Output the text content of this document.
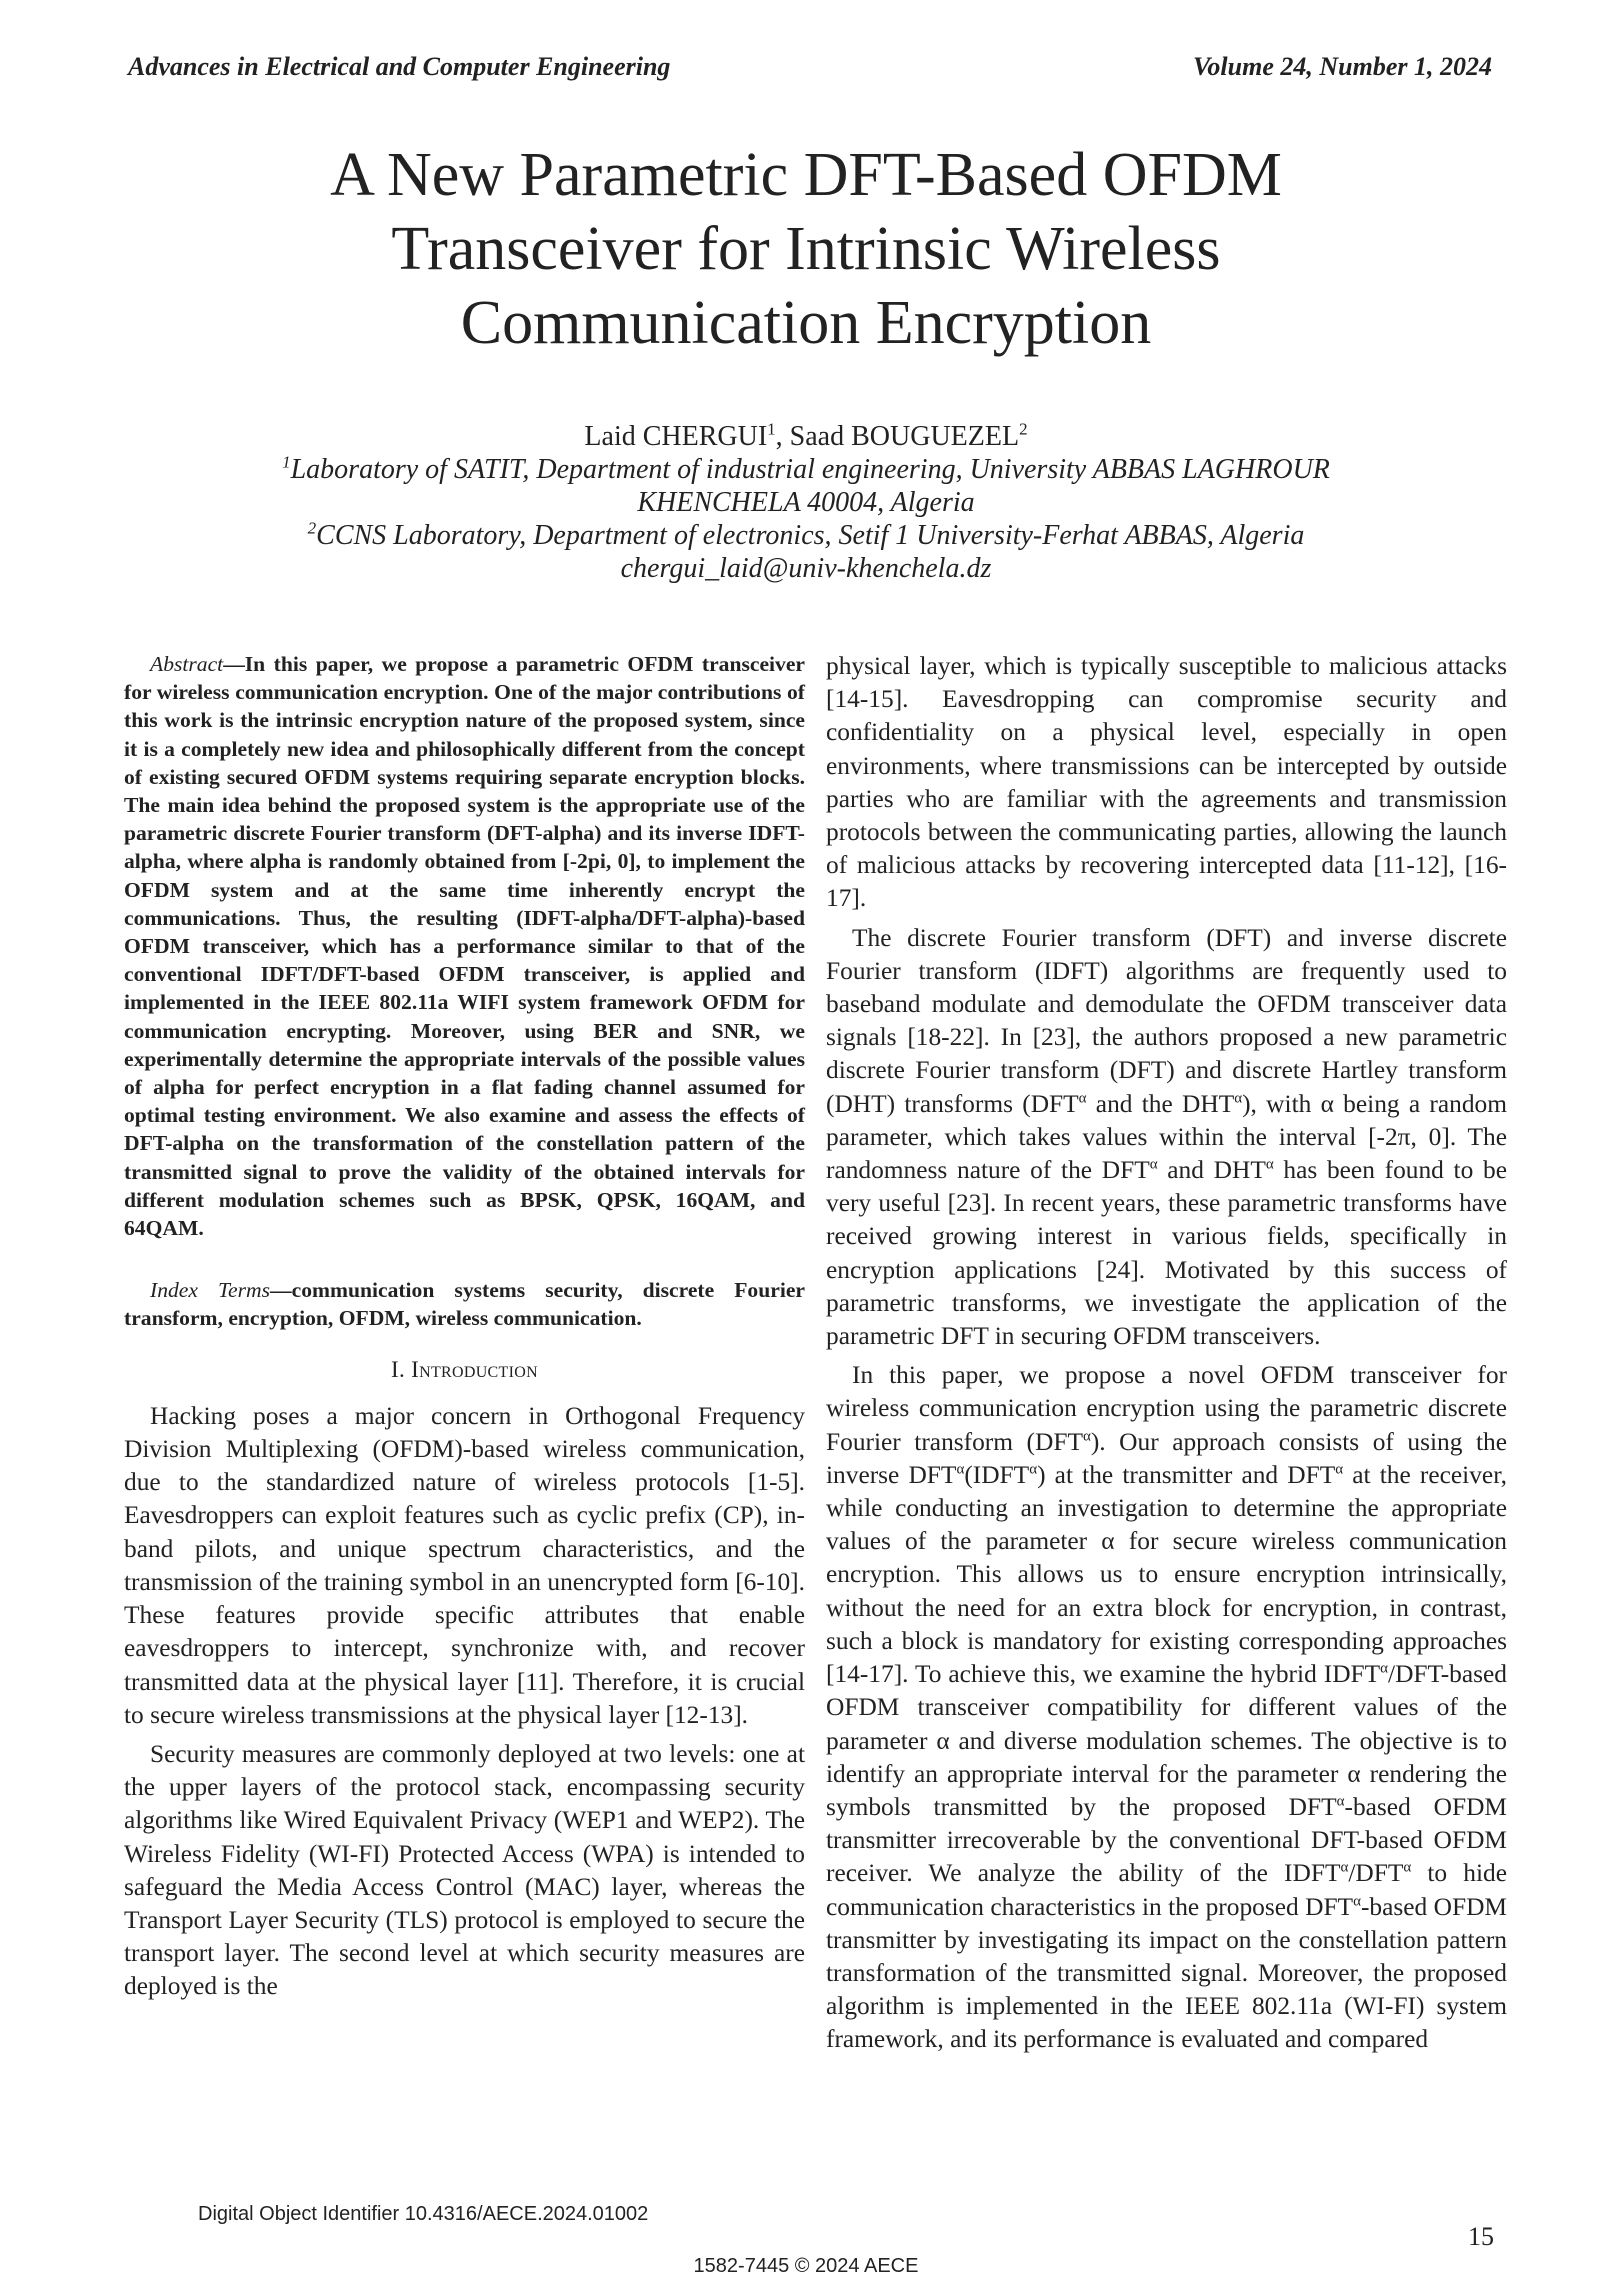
Advances in Electrical and Computer Engineering	Volume 24, Number 1, 2024
A New Parametric DFT-Based OFDM
Transceiver for Intrinsic Wireless
Communication Encryption
Laid CHERGUI$^1$, Saad BOUGUEZEL$^2$
$^1$Laboratory of SATIT, Department of industrial engineering, University ABBAS LAGHROUR
KHENCHELA 40004, Algeria
$^2$CCNS Laboratory, Department of electronics, Setif 1 University-Ferhat ABBAS, Algeria
chergui_laid@univ-khenchela.dz

Abstract—In this paper, we propose a parametric OFDM transceiver for wireless communication encryption. One of the major contributions of this work is the intrinsic encryption nature of the proposed system, since it is a completely new idea and philosophically different from the concept of existing secured OFDM systems requiring separate encryption blocks. The main idea behind the proposed system is the appropriate use of the parametric discrete Fourier transform (DFT-alpha) and its inverse IDFT-alpha, where alpha is randomly obtained from [-2pi, 0], to implement the OFDM system and at the same time inherently encrypt the communications. Thus, the resulting (IDFT-alpha/DFT-alpha)-based OFDM transceiver, which has a performance similar to that of the conventional IDFT/DFT-based OFDM transceiver, is applied and implemented in the IEEE 802.11a WIFI system framework OFDM for communication encrypting. Moreover, using BER and SNR, we experimentally determine the appropriate intervals of the possible values of alpha for perfect encryption in a flat fading channel assumed for optimal testing environment. We also examine and assess the effects of DFT-alpha on the transformation of the constellation pattern of the transmitted signal to prove the validity of the obtained intervals for different modulation schemes such as BPSK, QPSK, 16QAM, and 64QAM.

Index Terms—communication systems security, discrete Fourier transform, encryption, OFDM, wireless communication.

I. Introduction

Hacking poses a major concern in Orthogonal Frequency Division Multiplexing (OFDM)-based wireless communication, due to the standardized nature of wireless protocols [1-5]. Eavesdroppers can exploit features such as cyclic prefix (CP), in-band pilots, and unique spectrum characteristics, and the transmission of the training symbol in an unencrypted form [6-10]. These features provide specific attributes that enable eavesdroppers to intercept, synchronize with, and recover transmitted data at the physical layer [11]. Therefore, it is crucial to secure wireless transmissions at the physical layer [12-13].

Security measures are commonly deployed at two levels: one at the upper layers of the protocol stack, encompassing security algorithms like Wired Equivalent Privacy (WEP1 and WEP2). The Wireless Fidelity (WI-FI) Protected Access (WPA) is intended to safeguard the Media Access Control (MAC) layer, whereas the Transport Layer Security (TLS) protocol is employed to secure the transport layer. The second level at which security measures are deployed is the

physical layer, which is typically susceptible to malicious attacks [14-15]. Eavesdropping can compromise security and confidentiality on a physical level, especially in open environments, where transmissions can be intercepted by outside parties who are familiar with the agreements and transmission protocols between the communicating parties, allowing the launch of malicious attacks by recovering intercepted data [11-12], [16-17].

The discrete Fourier transform (DFT) and inverse discrete Fourier transform (IDFT) algorithms are frequently used to baseband modulate and demodulate the OFDM transceiver data signals [18-22]. In [23], the authors proposed a new parametric discrete Fourier transform (DFT) and discrete Hartley transform (DHT) transforms ($DFT^\alpha$ and the $DHT^\alpha$), with α being a random parameter, which takes values within the interval [-2π, 0]. The randomness nature of the $DFT^\alpha$ and $DHT^\alpha$ has been found to be very useful [23]. In recent years, these parametric transforms have received growing interest in various fields, specifically in encryption applications [24]. Motivated by this success of parametric transforms, we investigate the application of the parametric DFT in securing OFDM transceivers.

In this paper, we propose a novel OFDM transceiver for wireless communication encryption using the parametric discrete Fourier transform $(DFT^\alpha)$. Our approach consists of using the inverse $DFT^\alpha(IDFT^\alpha)$ at the transmitter and $DFT^\alpha$ at the receiver, while conducting an investigation to determine the appropriate values of the parameter α for secure wireless communication encryption. This allows us to ensure encryption intrinsically, without the need for an extra block for encryption, in contrast, such a block is mandatory for existing corresponding approaches [14-17]. To achieve this, we examine the hybrid $IDFT^\alpha/DFT$-based OFDM transceiver compatibility for different values of the parameter α and diverse modulation schemes. The objective is to identify an appropriate interval for the parameter α rendering the symbols transmitted by the proposed $DFT^\alpha$-based OFDM transmitter irrecoverable by the conventional DFT-based OFDM receiver. We analyze the ability of the $IDFT^\alpha/DFT^\alpha$ to hide communication characteristics in the proposed $DFT^\alpha$-based OFDM transmitter by investigating its impact on the constellation pattern transformation of the transmitted signal. Moreover, the proposed algorithm is implemented in the IEEE 802.11a (WI-FI) system framework, and its performance is evaluated and compared

Digital Object Identifier 10.4316/AECE.2024.01002
15
1582-7445 © 2024 AECE
